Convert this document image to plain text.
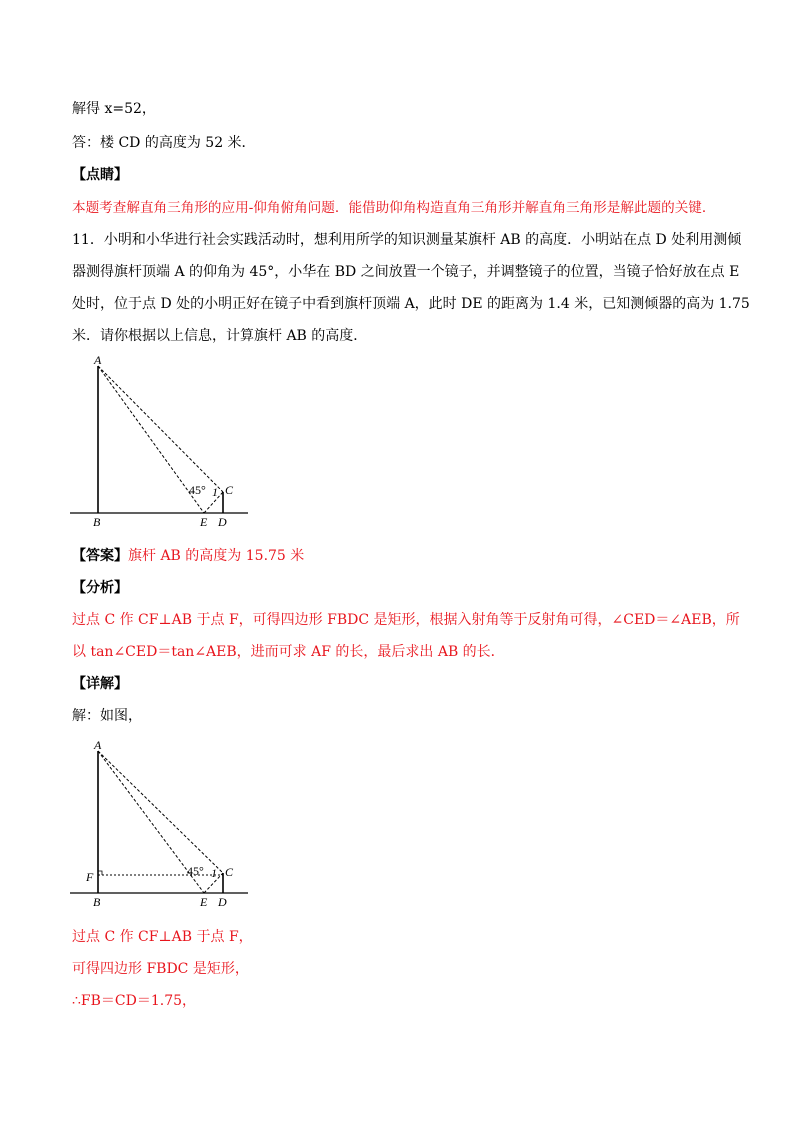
解得 x=52，
答：楼 CD 的高度为 52 米．
【点睛】
本题考查解直角三角形的应用-仰角俯角问题．能借助仰角构造直角三角形并解直角三角形是解此题的关键．
11．小明和小华进行社会实践活动时，想利用所学的知识测量某旗杆 AB 的高度．小明站在点 D 处利用测倾
器测得旗杆顶端 A 的仰角为 45°，小华在 BD 之间放置一个镜子，并调整镜子的位置，当镜子恰好放在点 E
处时，位于点 D 处的小明正好在镜子中看到旗杆顶端 A，此时 DE 的距离为 1.4 米，已知测倾器的高为 1.75
米．请你根据以上信息，计算旗杆 AB 的高度．
A
B
C
D
E
45° 1
【答案】旗杆 AB 的高度为 15.75 米
【分析】
过点 C 作 CF⊥AB 于点 F，可得四边形 FBDC 是矩形，根据入射角等于反射角可得，∠CED＝∠AEB，所
以 tan∠CED＝tan∠AEB，进而可求 AF 的长，最后求出 AB 的长．
【详解】
解：如图，
A
B
C
D
E
F	45° 1
过点 C 作 CF⊥AB 于点 F，
可得四边形 FBDC 是矩形，
∴FB＝CD＝1.75，
